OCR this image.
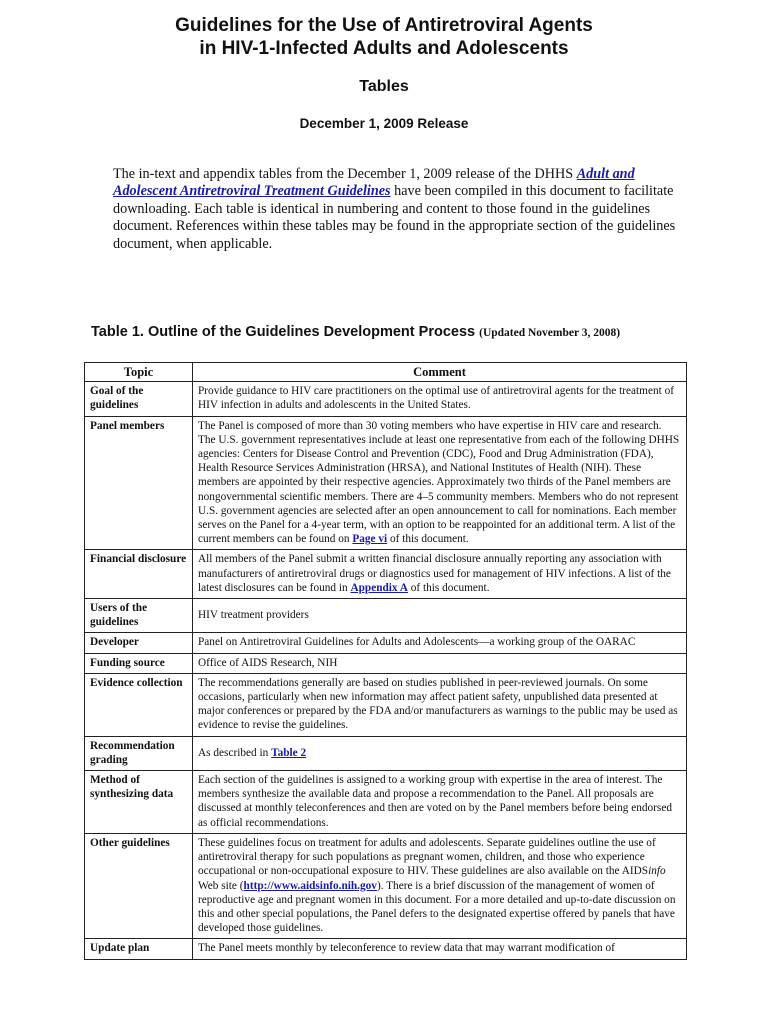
Guidelines for the Use of Antiretroviral Agents
in HIV-1-Infected Adults and Adolescents
Tables
December 1, 2009 Release

The in-text and appendix tables from the December 1, 2009 release of the DHHS Adult and Adolescent Antiretroviral Treatment Guidelines have been compiled in this document to facilitate downloading. Each table is identical in numbering and content to those found in the guidelines document. References within these tables may be found in the appropriate section of the guidelines document, when applicable.

Table 1. Outline of the Guidelines Development Process (Updated November 3, 2008)

Topic	Comment
Goal of the guidelines	Provide guidance to HIV care practitioners on the optimal use of antiretroviral agents for the treatment of HIV infection in adults and adolescents in the United States.
Panel members	The Panel is composed of more than 30 voting members who have expertise in HIV care and research. The U.S. government representatives include at least one representative from each of the following DHHS agencies: Centers for Disease Control and Prevention (CDC), Food and Drug Administration (FDA), Health Resource Services Administration (HRSA), and National Institutes of Health (NIH). These members are appointed by their respective agencies. Approximately two thirds of the Panel members are nongovernmental scientific members. There are 4–5 community members. Members who do not represent U.S. government agencies are selected after an open announcement to call for nominations. Each member serves on the Panel for a 4-year term, with an option to be reappointed for an additional term. A list of the current members can be found on Page vi of this document.
Financial disclosure	All members of the Panel submit a written financial disclosure annually reporting any association with manufacturers of antiretroviral drugs or diagnostics used for management of HIV infections. A list of the latest disclosures can be found in Appendix A of this document.
Users of the guidelines	HIV treatment providers
Developer	Panel on Antiretroviral Guidelines for Adults and Adolescents—a working group of the OARAC
Funding source	Office of AIDS Research, NIH
Evidence collection	The recommendations generally are based on studies published in peer-reviewed journals. On some occasions, particularly when new information may affect patient safety, unpublished data presented at major conferences or prepared by the FDA and/or manufacturers as warnings to the public may be used as evidence to revise the guidelines.
Recommendation grading	As described in Table 2
Method of synthesizing data	Each section of the guidelines is assigned to a working group with expertise in the area of interest. The members synthesize the available data and propose a recommendation to the Panel. All proposals are discussed at monthly teleconferences and then are voted on by the Panel members before being endorsed as official recommendations.
Other guidelines	These guidelines focus on treatment for adults and adolescents. Separate guidelines outline the use of antiretroviral therapy for such populations as pregnant women, children, and those who experience occupational or non-occupational exposure to HIV. These guidelines are also available on the AIDSinfo Web site (http://www.aidsinfo.nih.gov). There is a brief discussion of the management of women of reproductive age and pregnant women in this document. For a more detailed and up-to-date discussion on this and other special populations, the Panel defers to the designated expertise offered by panels that have developed those guidelines.
Update plan	The Panel meets monthly by teleconference to review data that may warrant modification of
